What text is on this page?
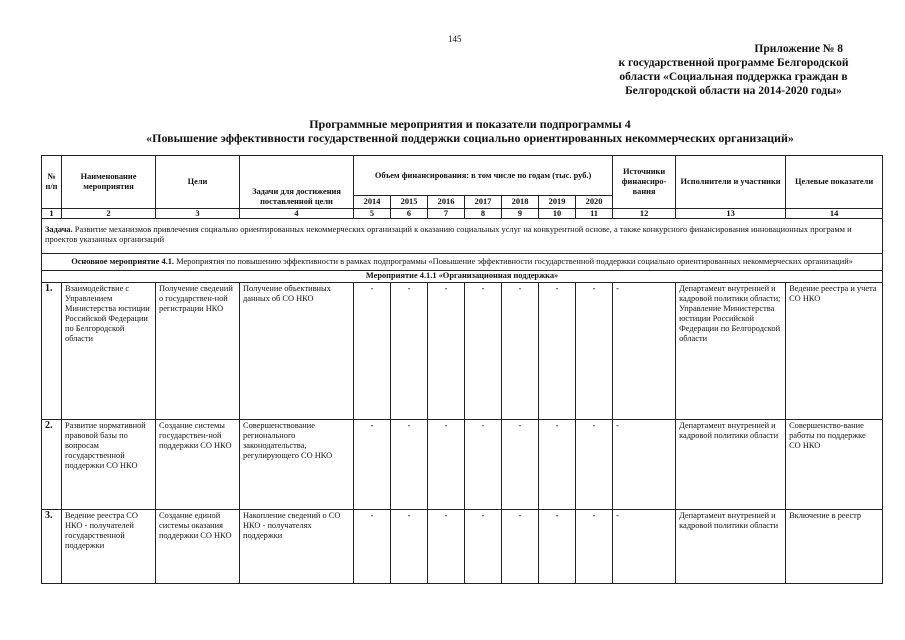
145
Приложение № 8
к государственной программе Белгородской
области «Социальная поддержка граждан в
Белгородской области на 2014-2020 годы»
Программные мероприятия и показатели подпрограммы 4
«Повышение эффективности государственной поддержки социально ориентированных некоммерческих организаций»
№ п/п	Наименование мероприятия	Цели	Задачи для достижения поставленной цели	Объем финансирования: в том числе по годам (тыс. руб.)							Источники финансиро-вания	Исполнители и участники	Целевые показатели
				2014	2015	2016	2017	2018	2019	2020			
1	2	3	4	5	6	7	8	9	10	11	12	13	14
Задача. Развитие механизмов привлечения социально ориентированных некоммерческих организаций к оказанию социальных услуг на конкурентной основе, а также конкурсного финансирования инновационных программ и проектов указанных организаций													
Основное мероприятие 4.1. Мероприятия по повышению эффективности в рамках подпрограммы «Повышение эффективности государственной поддержки социально ориентированных некоммерческих организаций»													
Мероприятие 4.1.1 «Организационная поддержка»													
1.	Взаимодействие с Управлением Министерства юстиции Российской Федерации по Белгородской области	Получение сведений о государствен-ной регистрации НКО	Получение объективных данных об СО НКО	-	-	-	-	-	-	-	-	Департамент внутренней и кадровой политики области; Управление Министерства юстиции Российской Федерации по Белгородской области	Ведение реестра и учета СО НКО
2.	Развитие нормативной правовой базы по вопросам государственной поддержки СО НКО	Создание системы государствен-ной поддержки СО НКО	Совершенствование регионального законодательства, регулирующего СО НКО	-	-	-	-	-	-	-	-	Департамент внутренней и кадровой политики области	Совершенство-вание работы по поддержке СО НКО
3.	Ведение реестра СО НКО - получателей государственной поддержки	Создание единой системы оказания поддержки СО НКО	Накопление сведений о СО НКО - получателях поддержки	-	-	-	-	-	-	-	-	Департамент внутренней и кадровой политики области	Включение в реестр
